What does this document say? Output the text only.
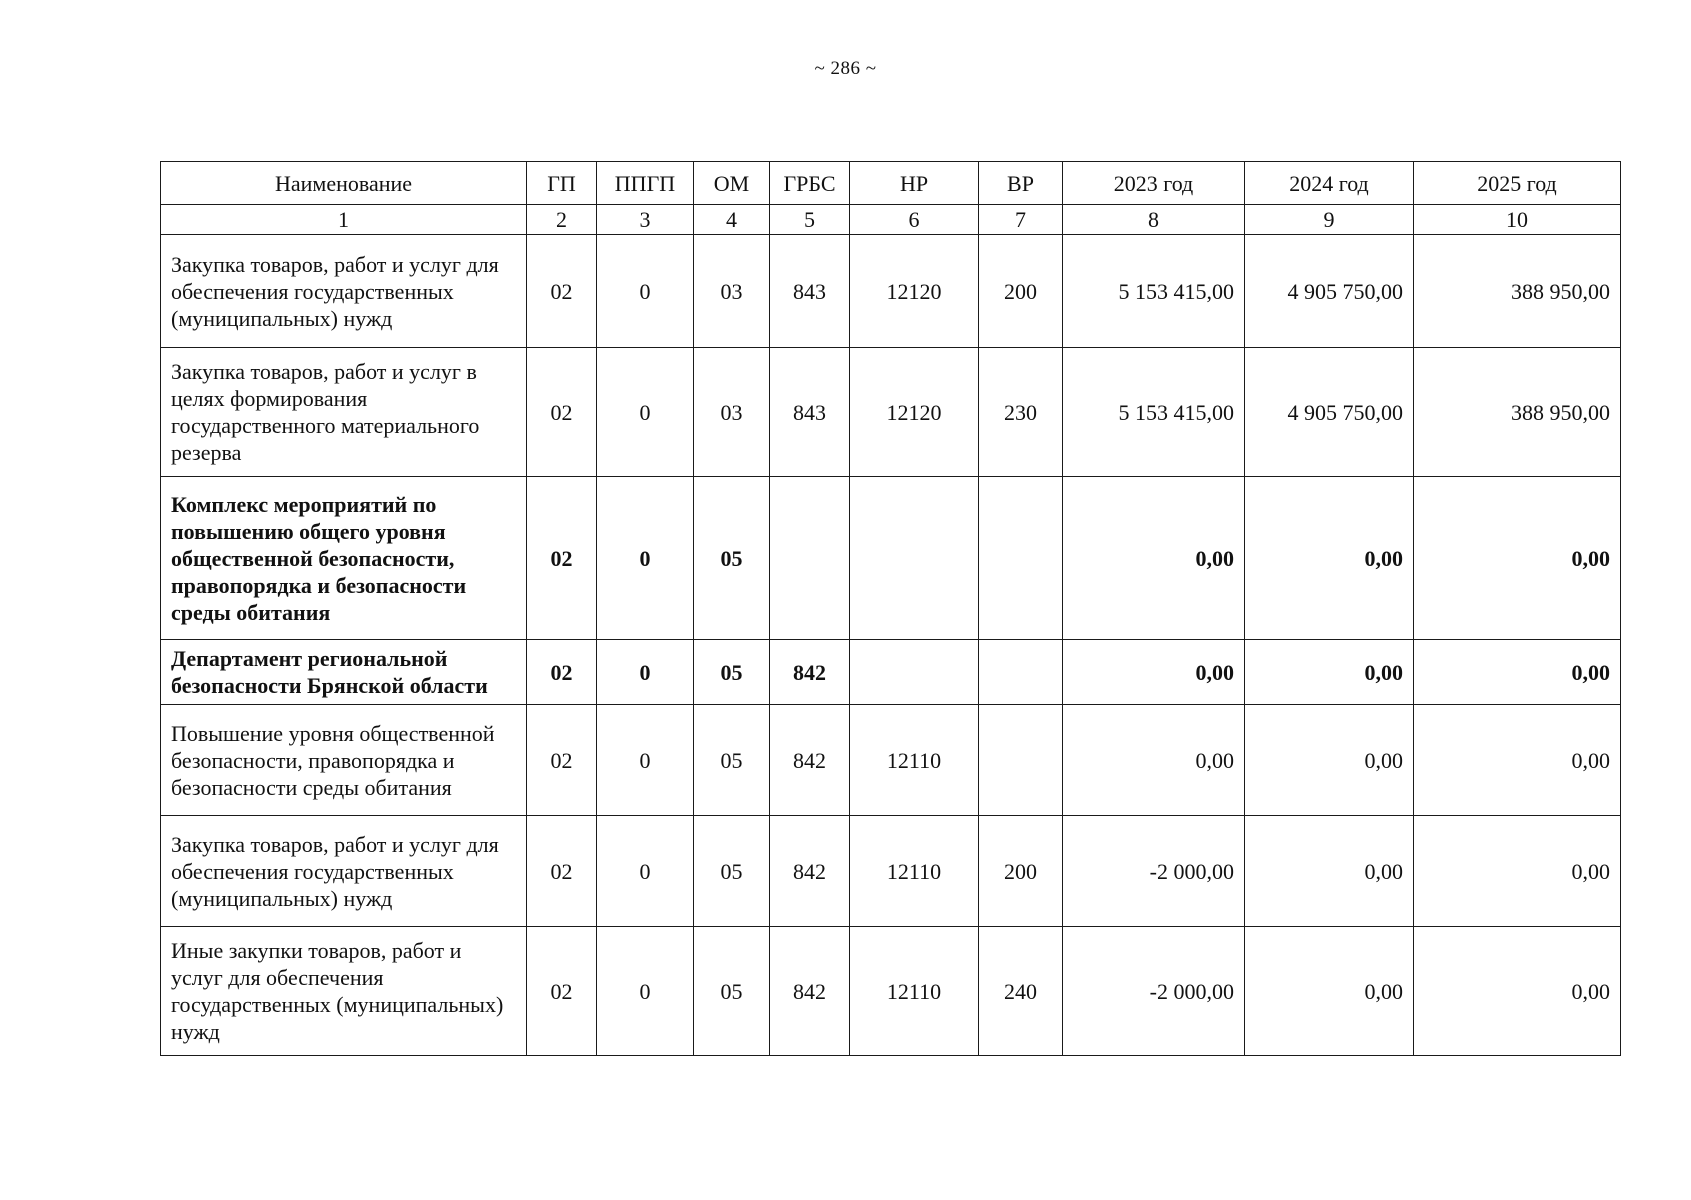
~ 286 ~
Наименование	ГП	ППГП	ОМ	ГРБС	НР	ВР	2023 год	2024 год	2025 год
1	2	3	4	5	6	7	8	9	10
Закупка товаров, работ и услуг для обеспечения государственных (муниципальных) нужд	02	0	03	843	12120	200	5 153 415,00	4 905 750,00	388 950,00
Закупка товаров, работ и услуг в целях формирования государственного материального резерва	02	0	03	843	12120	230	5 153 415,00	4 905 750,00	388 950,00
Комплекс мероприятий по повышению общего уровня общественной безопасности, правопорядка и безопасности среды обитания	02	0	05				0,00	0,00	0,00
Департамент региональной безопасности Брянской области	02	0	05	842			0,00	0,00	0,00
Повышение уровня общественной безопасности, правопорядка и безопасности среды обитания	02	0	05	842	12110		0,00	0,00	0,00
Закупка товаров, работ и услуг для обеспечения государственных (муниципальных) нужд	02	0	05	842	12110	200	-2 000,00	0,00	0,00
Иные закупки товаров, работ и услуг для обеспечения государственных (муниципальных) нужд	02	0	05	842	12110	240	-2 000,00	0,00	0,00
